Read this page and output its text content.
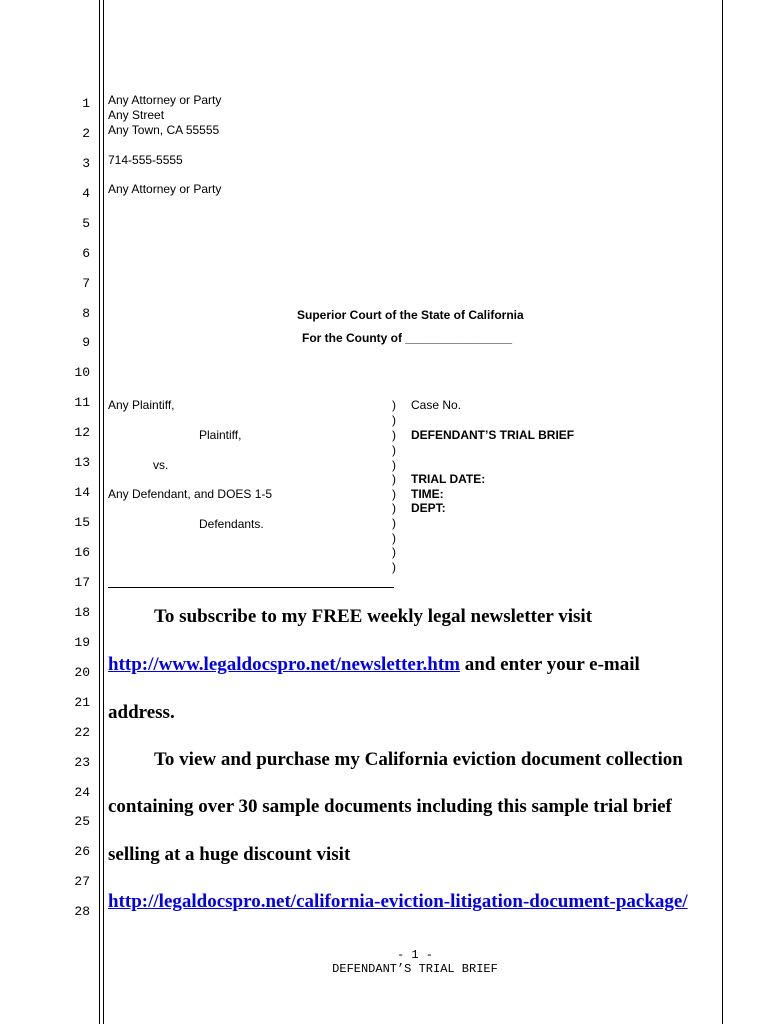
1
2
3
4
5
6
7
8
9
10
11
12
13
14
15
16
17
18
19
20
21
22
23
24
25
26
27
28
Any Attorney or Party
Any Street
Any Town, CA 55555
714-555-5555
Any Attorney or Party
Superior Court of the State of California
For the County of ________________
Any Plaintiff,
Plaintiff,
vs.
Any Defendant, and DOES 1-5
Defendants.
)
)
)
)
)
)
)
)
)
)
)
)
Case No.
DEFENDANT’S TRIAL BRIEF
TRIAL DATE:
TIME:
DEPT:
To subscribe to my FREE weekly legal newsletter visit
http://www.legaldocspro.net/newsletter.htm and enter your e-mail
address.
To view and purchase my California eviction document collection
containing over 30 sample documents including this sample trial brief
selling at a huge discount visit
http://legaldocspro.net/california-eviction-litigation-document-package/
- 1 -
DEFENDANT’S TRIAL BRIEF
